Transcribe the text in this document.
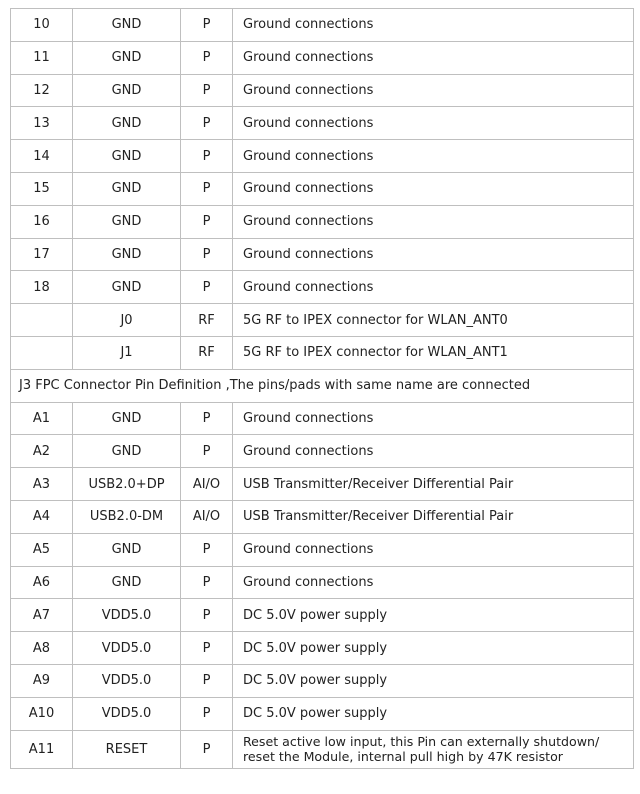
10	GND	P	Ground connections
11	GND	P	Ground connections
12	GND	P	Ground connections
13	GND	P	Ground connections
14	GND	P	Ground connections
15	GND	P	Ground connections
16	GND	P	Ground connections
17	GND	P	Ground connections
18	GND	P	Ground connections
	J0	RF	5G RF to IPEX connector for WLAN_ANT0
	J1	RF	5G RF to IPEX connector for WLAN_ANT1
J3 FPC Connector Pin Definition ,The pins/pads with same name are connected			
A1	GND	P	Ground connections
A2	GND	P	Ground connections
A3	USB2.0+DP	AI/O	USB Transmitter/Receiver Differential Pair
A4	USB2.0-DM	AI/O	USB Transmitter/Receiver Differential Pair
A5	GND	P	Ground connections
A6	GND	P	Ground connections
A7	VDD5.0	P	DC 5.0V power supply
A8	VDD5.0	P	DC 5.0V power supply
A9	VDD5.0	P	DC 5.0V power supply
A10	VDD5.0	P	DC 5.0V power supply
A11	RESET	P	Reset active low input, this Pin can externally shutdown/ reset the Module, internal pull high by 47K resistor
